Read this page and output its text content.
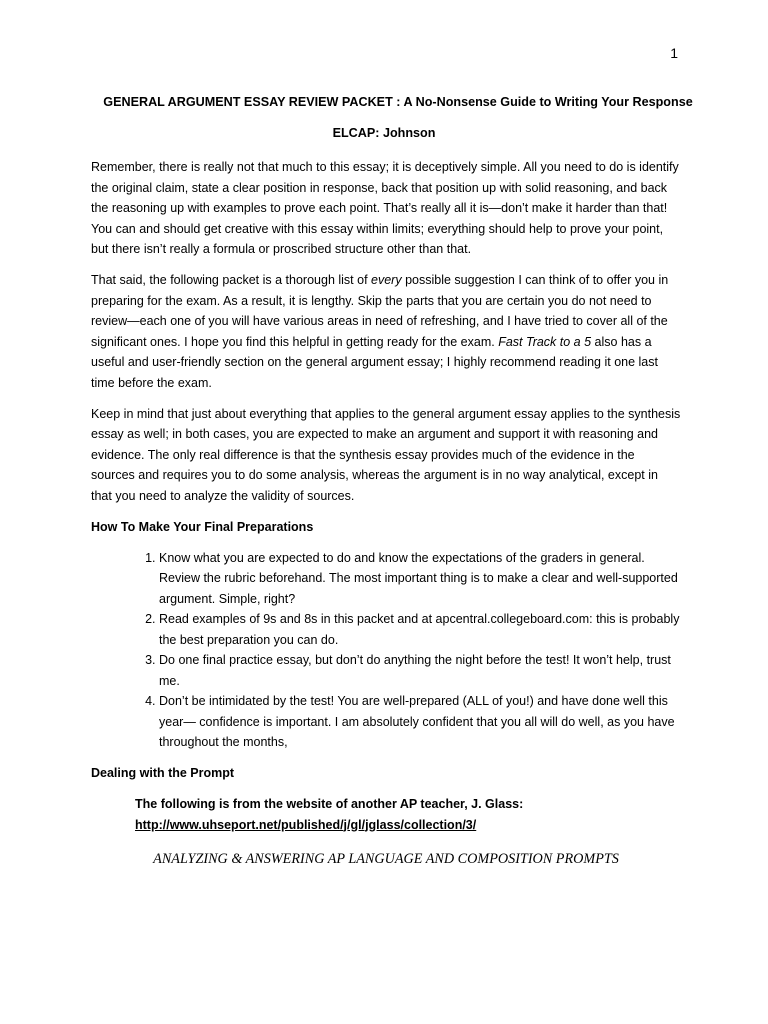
1
GENERAL ARGUMENT ESSAY REVIEW PACKET : A No-Nonsense Guide to Writing Your Response
ELCAP: Johnson

Remember, there is really not that much to this essay; it is deceptively simple. All you need to do is identify the original claim, state a clear position in response, back that position up with solid reasoning, and back the reasoning up with examples to prove each point. That’s really all it is—don’t make it harder than that! You can and should get creative with this essay within limits; everything should help to prove your point, but there isn’t really a formula or proscribed structure other than that.

That said, the following packet is a thorough list of every possible suggestion I can think of to offer you in preparing for the exam. As a result, it is lengthy. Skip the parts that you are certain you do not need to review—each one of you will have various areas in need of refreshing, and I have tried to cover all of the significant ones. I hope you find this helpful in getting ready for the exam. Fast Track to a 5 also has a useful and user-friendly section on the general argument essay; I highly recommend reading it one last time before the exam.

Keep in mind that just about everything that applies to the general argument essay applies to the synthesis essay as well; in both cases, you are expected to make an argument and support it with reasoning and evidence. The only real difference is that the synthesis essay provides much of the evidence in the sources and requires you to do some analysis, whereas the argument is in no way analytical, except in that you need to analyze the validity of sources.

How To Make Your Final Preparations
1. Know what you are expected to do and know the expectations of the graders in general. Review the rubric beforehand. The most important thing is to make a clear and well-supported argument. Simple, right?
2. Read examples of 9s and 8s in this packet and at apcentral.collegeboard.com: this is probably the best preparation you can do.
3. Do one final practice essay, but don’t do anything the night before the test! It won’t help, trust me.
4. Don’t be intimidated by the test! You are well-prepared (ALL of you!) and have done well this year— confidence is important. I am absolutely confident that you all will do well, as you have throughout the months,
Dealing with the Prompt
The following is from the website of another AP teacher, J. Glass:
http://www.uhseport.net/published/j/gl/jglass/collection/3/

ANALYZING & ANSWERING AP LANGUAGE AND COMPOSITION PROMPTS
